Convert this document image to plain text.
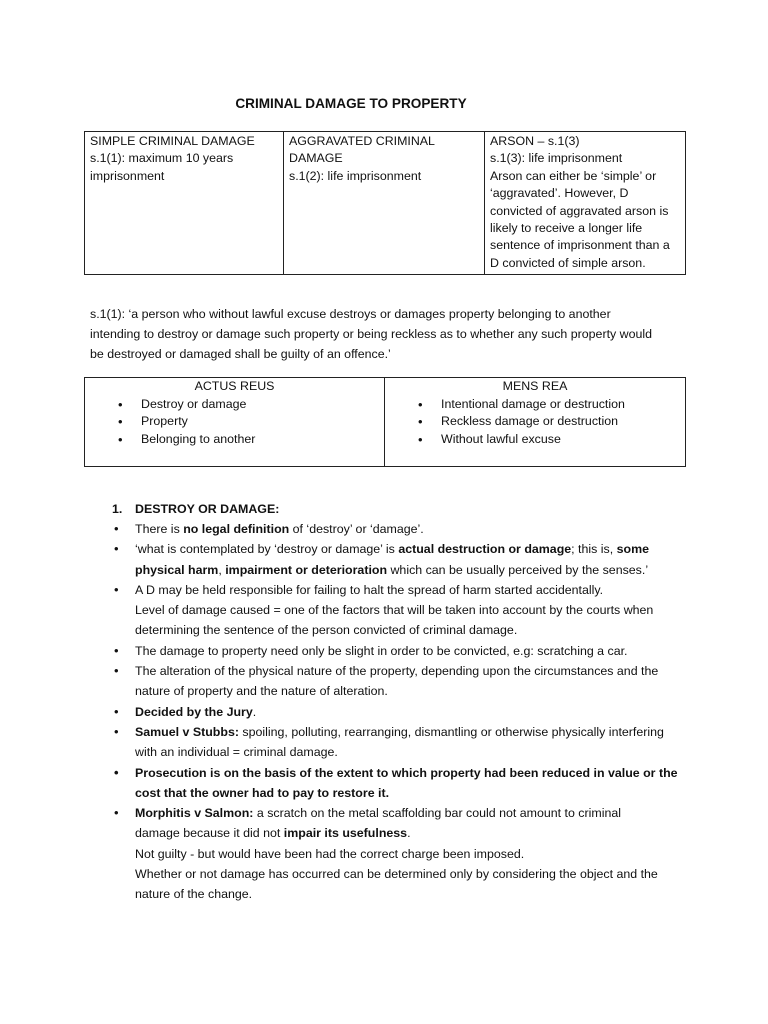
CRIMINAL DAMAGE TO PROPERTY
SIMPLE CRIMINAL DAMAGE
s.1(1): maximum 10 years
imprisonment

AGGRAVATED CRIMINAL
DAMAGE
s.1(2): life imprisonment

ARSON – s.1(3)
s.1(3): life imprisonment
Arson can either be ‘simple’ or
‘aggravated’. However, D
convicted of aggravated arson is
likely to receive a longer life
sentence of imprisonment than a
D convicted of simple arson.
s.1(1): ‘a person who without lawful excuse destroys or damages property belonging to another
intending to destroy or damage such property or being reckless as to whether any such property would
be destroyed or damaged shall be guilty of an offence.’
ACTUS REUS
• Destroy or damage
• Property
• Belonging to another

MENS REA
• Intentional damage or destruction
• Reckless damage or destruction
• Without lawful excuse
1. DESTROY OR DAMAGE:
• There is no legal definition of ‘destroy’ or ‘damage’.
• ‘what is contemplated by ‘destroy or damage’ is actual destruction or damage; this is, some
physical harm, impairment or deterioration which can be usually perceived by the senses.’
• A D may be held responsible for failing to halt the spread of harm started accidentally.
Level of damage caused = one of the factors that will be taken into account by the courts when
determining the sentence of the person convicted of criminal damage.
• The damage to property need only be slight in order to be convicted, e.g: scratching a car.
• The alteration of the physical nature of the property, depending upon the circumstances and the
nature of property and the nature of alteration.
• Decided by the Jury.
• Samuel v Stubbs: spoiling, polluting, rearranging, dismantling or otherwise physically interfering
with an individual = criminal damage.
• Prosecution is on the basis of the extent to which property had been reduced in value or the
cost that the owner had to pay to restore it.
• Morphitis v Salmon: a scratch on the metal scaffolding bar could not amount to criminal
damage because it did not impair its usefulness.
Not guilty - but would have been had the correct charge been imposed.
Whether or not damage has occurred can be determined only by considering the object and the
nature of the change.
